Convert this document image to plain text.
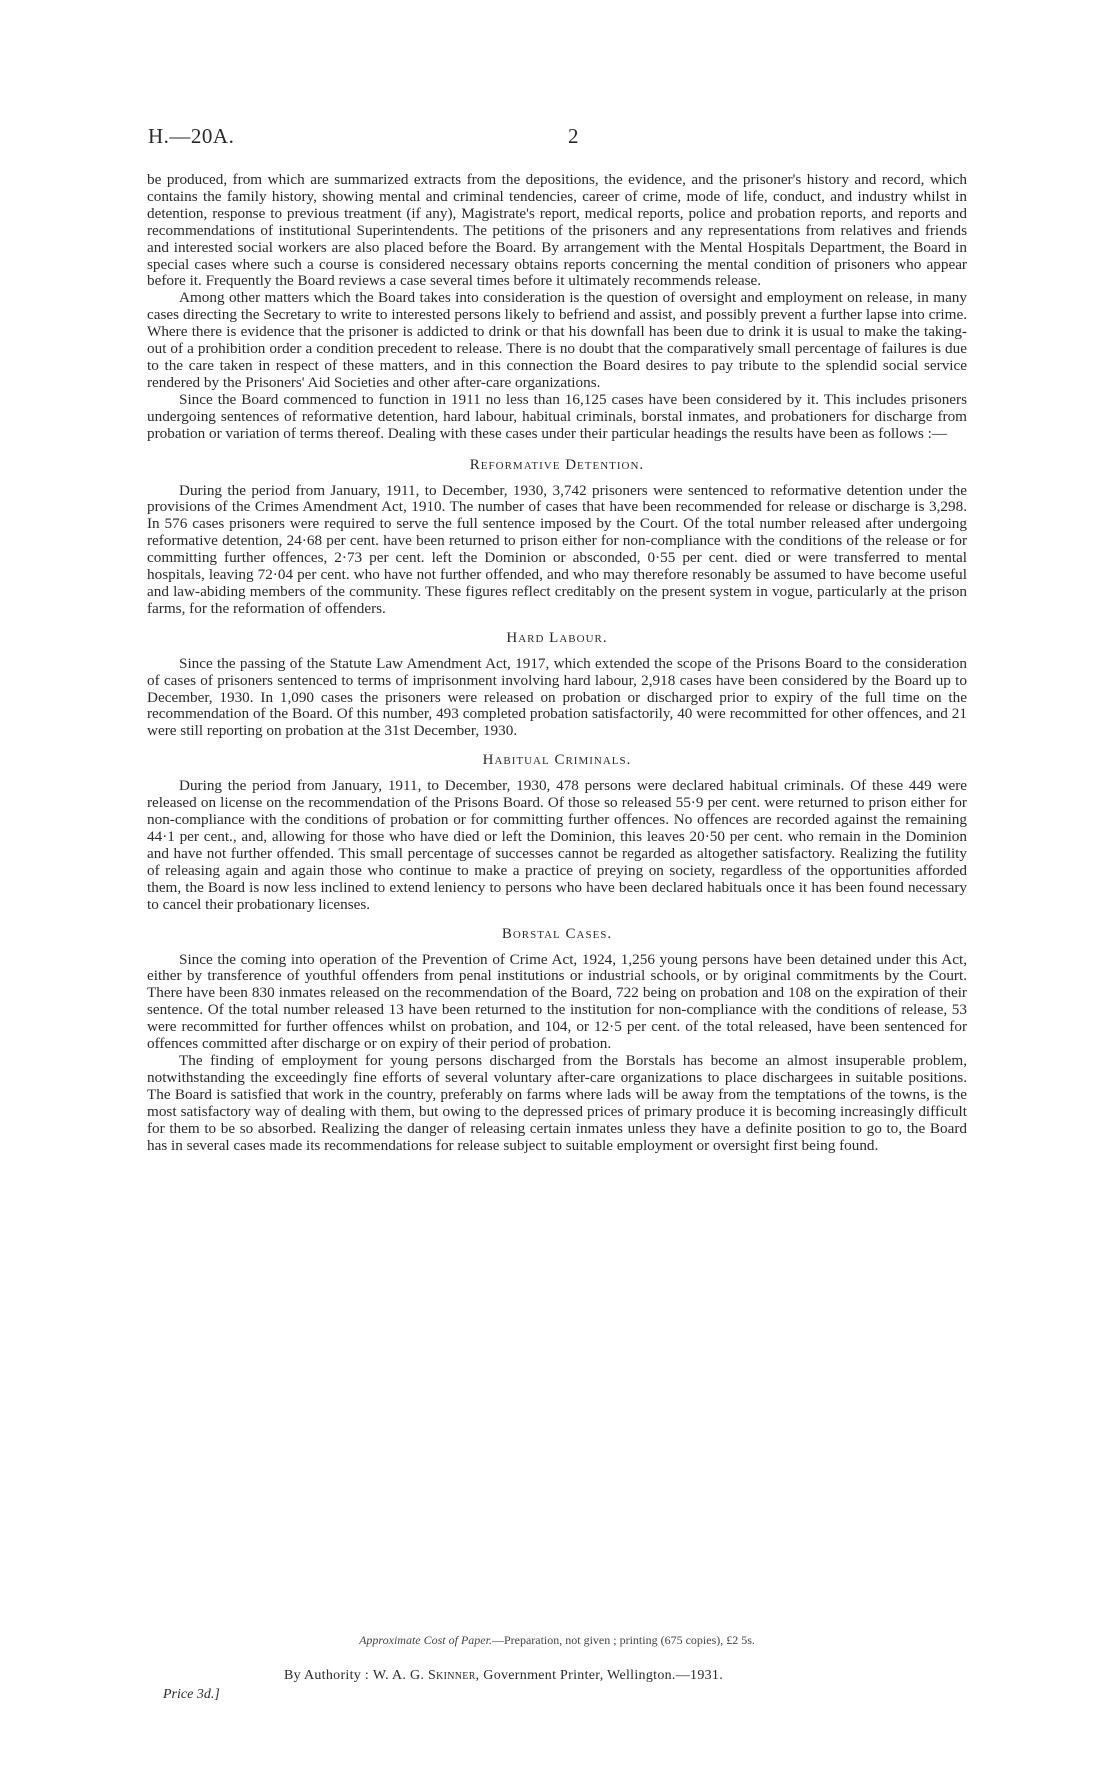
H.—20A.	2

be produced, from which are summarized extracts from the depositions, the evidence, and the prisoner's history and record, which contains the family history, showing mental and criminal tendencies, career of crime, mode of life, conduct, and industry whilst in detention, response to previous treatment (if any), Magistrate's report, medical reports, police and probation reports, and reports and recommendations of institutional Superintendents. The petitions of the prisoners and any representations from relatives and friends and interested social workers are also placed before the Board. By arrangement with the Mental Hospitals Department, the Board in special cases where such a course is considered necessary obtains reports concerning the mental condition of prisoners who appear before it. Frequently the Board reviews a case several times before it ultimately recommends release.

Among other matters which the Board takes into consideration is the question of oversight and employment on release, in many cases directing the Secretary to write to interested persons likely to befriend and assist, and possibly prevent a further lapse into crime. Where there is evidence that the prisoner is addicted to drink or that his downfall has been due to drink it is usual to make the taking-out of a prohibition order a condition precedent to release. There is no doubt that the comparatively small percentage of failures is due to the care taken in respect of these matters, and in this connection the Board desires to pay tribute to the splendid social service rendered by the Prisoners' Aid Societies and other after-care organizations.

Since the Board commenced to function in 1911 no less than 16,125 cases have been considered by it. This includes prisoners undergoing sentences of reformative detention, hard labour, habitual criminals, borstal inmates, and probationers for discharge from probation or variation of terms thereof. Dealing with these cases under their particular headings the results have been as follows :—

Reformative Detention.

During the period from January, 1911, to December, 1930, 3,742 prisoners were sentenced to reformative detention under the provisions of the Crimes Amendment Act, 1910. The number of cases that have been recommended for release or discharge is 3,298. In 576 cases prisoners were required to serve the full sentence imposed by the Court. Of the total number released after undergoing reformative detention, 24·68 per cent. have been returned to prison either for non-compliance with the conditions of the release or for committing further offences, 2·73 per cent. left the Dominion or absconded, 0·55 per cent. died or were transferred to mental hospitals, leaving 72·04 per cent. who have not further offended, and who may therefore resonably be assumed to have become useful and law-abiding members of the community. These figures reflect creditably on the present system in vogue, particularly at the prison farms, for the reformation of offenders.

Hard Labour.

Since the passing of the Statute Law Amendment Act, 1917, which extended the scope of the Prisons Board to the consideration of cases of prisoners sentenced to terms of imprisonment involving hard labour, 2,918 cases have been considered by the Board up to December, 1930. In 1,090 cases the prisoners were released on probation or discharged prior to expiry of the full time on the recommendation of the Board. Of this number, 493 completed probation satisfactorily, 40 were recommitted for other offences, and 21 were still reporting on probation at the 31st December, 1930.

Habitual Criminals.

During the period from January, 1911, to December, 1930, 478 persons were declared habitual criminals. Of these 449 were released on license on the recommendation of the Prisons Board. Of those so released 55·9 per cent. were returned to prison either for non-compliance with the conditions of probation or for committing further offences. No offences are recorded against the remaining 44·1 per cent., and, allowing for those who have died or left the Dominion, this leaves 20·50 per cent. who remain in the Dominion and have not further offended. This small percentage of successes cannot be regarded as altogether satisfactory. Realizing the futility of releasing again and again those who continue to make a practice of preying on society, regardless of the opportunities afforded them, the Board is now less inclined to extend leniency to persons who have been declared habituals once it has been found necessary to cancel their probationary licenses.

Borstal Cases.

Since the coming into operation of the Prevention of Crime Act, 1924, 1,256 young persons have been detained under this Act, either by transference of youthful offenders from penal institutions or industrial schools, or by original commitments by the Court. There have been 830 inmates released on the recommendation of the Board, 722 being on probation and 108 on the expiration of their sentence. Of the total number released 13 have been returned to the institution for non-compliance with the conditions of release, 53 were recommitted for further offences whilst on probation, and 104, or 12·5 per cent. of the total released, have been sentenced for offences committed after discharge or on expiry of their period of probation.

The finding of employment for young persons discharged from the Borstals has become an almost insuperable problem, notwithstanding the exceedingly fine efforts of several voluntary after-care organizations to place dischargees in suitable positions. The Board is satisfied that work in the country, preferably on farms where lads will be away from the temptations of the towns, is the most satisfactory way of dealing with them, but owing to the depressed prices of primary produce it is becoming increasingly difficult for them to be so absorbed. Realizing the danger of releasing certain inmates unless they have a definite position to go to, the Board has in several cases made its recommendations for release subject to suitable employment or oversight first being found.

Approximate Cost of Paper.—Preparation, not given ; printing (675 copies), £2 5s.
By Authority : W. A. G. Skinner, Government Printer, Wellington.—1931.
Price 3d.]
